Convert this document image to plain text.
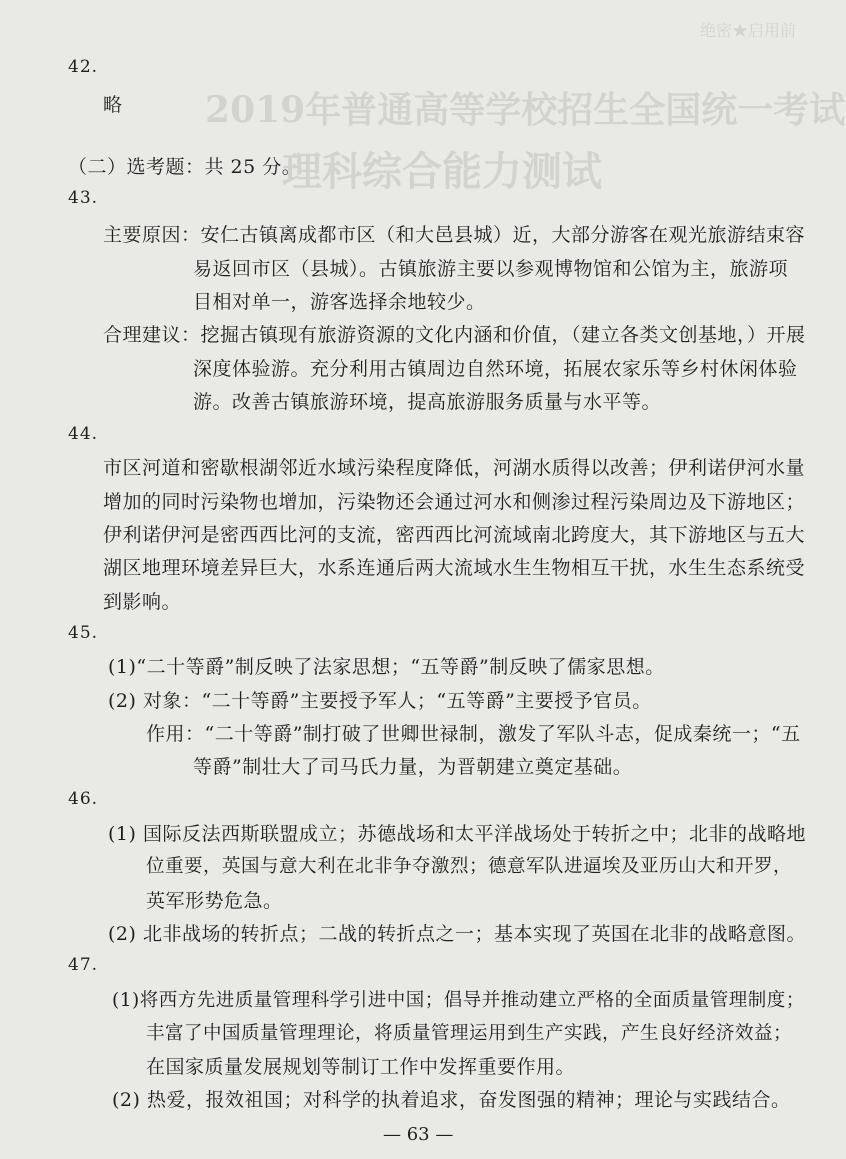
绝密★启用前
2019年普通高等学校招生全国统一考试
理科综合能力测试
42.
略
（二）选考题：共 25 分。
43.
主要原因：安仁古镇离成都市区（和大邑县城）近，大部分游客在观光旅游结束容
易返回市区（县城）。古镇旅游主要以参观博物馆和公馆为主，旅游项
目相对单一，游客选择余地较少。
合理建议：挖掘古镇现有旅游资源的文化内涵和价值，（建立各类文创基地，）开展
深度体验游。充分利用古镇周边自然环境，拓展农家乐等乡村休闲体验
游。改善古镇旅游环境，提高旅游服务质量与水平等。
44.
市区河道和密歇根湖邻近水域污染程度降低，河湖水质得以改善；伊利诺伊河水量
增加的同时污染物也增加，污染物还会通过河水和侧渗过程污染周边及下游地区；
伊利诺伊河是密西西比河的支流，密西西比河流域南北跨度大，其下游地区与五大
湖区地理环境差异巨大，水系连通后两大流域水生生物相互干扰，水生生态系统受
到影响。
45.
(1)“二十等爵”制反映了法家思想；“五等爵”制反映了儒家思想。
(2) 对象：“二十等爵”主要授予军人；“五等爵”主要授予官员。
作用：“二十等爵”制打破了世卿世禄制，激发了军队斗志，促成秦统一；“五
等爵”制壮大了司马氏力量，为晋朝建立奠定基础。
46.
(1) 国际反法西斯联盟成立；苏德战场和太平洋战场处于转折之中；北非的战略地
位重要，英国与意大利在北非争夺激烈；德意军队进逼埃及亚历山大和开罗，
英军形势危急。
(2) 北非战场的转折点；二战的转折点之一；基本实现了英国在北非的战略意图。
47.
(1)将西方先进质量管理科学引进中国；倡导并推动建立严格的全面质量管理制度；
丰富了中国质量管理理论，将质量管理运用到生产实践，产生良好经济效益；
在国家质量发展规划等制订工作中发挥重要作用。
(2) 热爱，报效祖国；对科学的执着追求，奋发图强的精神；理论与实践结合。
— 63 —
